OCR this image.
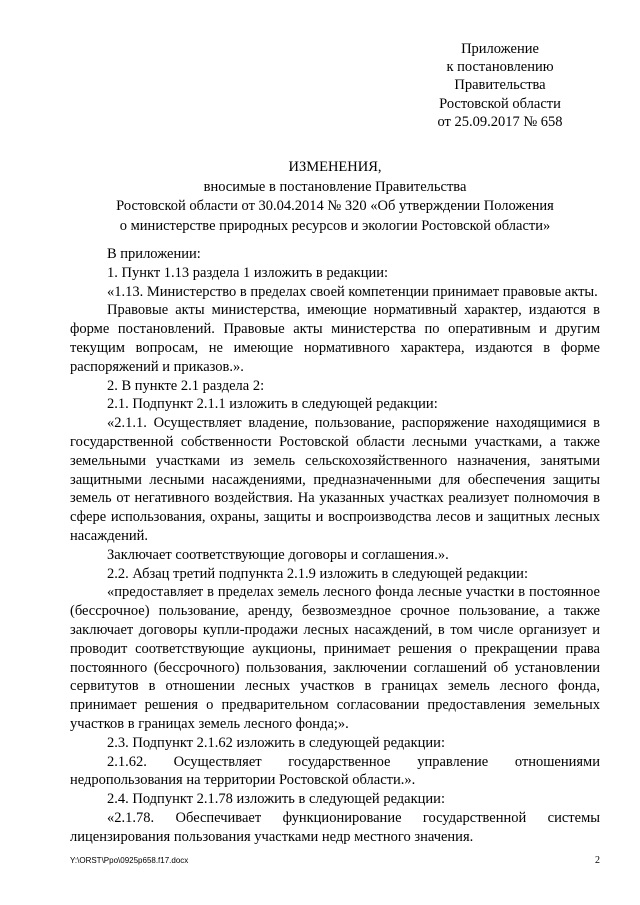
Приложение
к постановлению
Правительства
Ростовской области
от 25.09.2017 № 658
ИЗМЕНЕНИЯ,
вносимые в постановление Правительства
Ростовской области от 30.04.2014 № 320 «Об утверждении Положения
о министерстве природных ресурсов и экологии Ростовской области»

В приложении:

1. Пункт 1.13 раздела 1 изложить в редакции:

«1.13. Министерство в пределах своей компетенции принимает правовые акты.

Правовые акты министерства, имеющие нормативный характер, издаются в форме постановлений. Правовые акты министерства по оперативным и другим текущим вопросам, не имеющие нормативного характера, издаются в форме распоряжений и приказов.».

2. В пункте 2.1 раздела 2:

2.1. Подпункт 2.1.1 изложить в следующей редакции:

«2.1.1. Осуществляет владение, пользование, распоряжение находящимися в государственной собственности Ростовской области лесными участками, а также земельными участками из земель сельскохозяйственного назначения, занятыми защитными лесными насаждениями, предназначенными для обеспечения защиты земель от негативного воздействия. На указанных участках реализует полномочия в сфере использования, охраны, защиты и воспроизводства лесов и защитных лесных насаждений.

Заключает соответствующие договоры и соглашения.».

2.2. Абзац третий подпункта 2.1.9 изложить в следующей редакции:

«предоставляет в пределах земель лесного фонда лесные участки в постоянное (бессрочное) пользование, аренду, безвозмездное срочное пользование, а также заключает договоры купли-продажи лесных насаждений, в том числе организует и проводит соответствующие аукционы, принимает решения о прекращении права постоянного (бессрочного) пользования, заключении соглашений об установлении сервитутов в отношении лесных участков в границах земель лесного фонда, принимает решения о предварительном согласовании предоставления земельных участков в границах земель лесного фонда;».

2.3. Подпункт 2.1.62 изложить в следующей редакции:

2.1.62. Осуществляет государственное управление отношениями недропользования на территории Ростовской области.».

2.4. Подпункт 2.1.78 изложить в следующей редакции:

«2.1.78. Обеспечивает функционирование государственной системы лицензирования пользования участками недр местного значения.

Y:\ORST\Ppo\0925p658.f17.docx	2
